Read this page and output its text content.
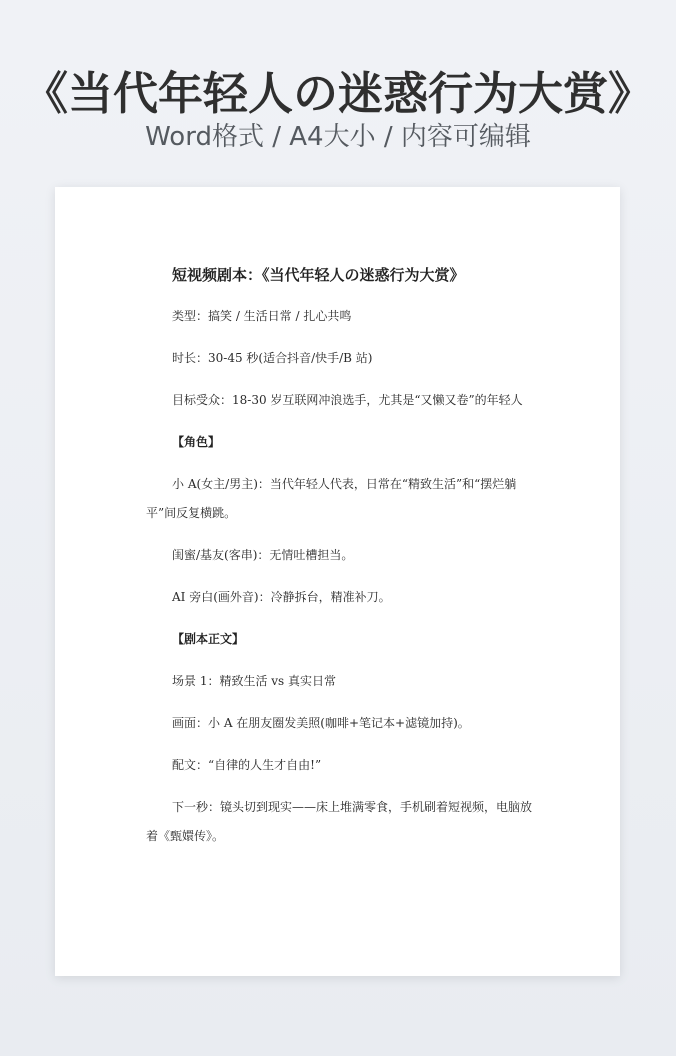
《当代年轻人の迷惑行为大赏》
Word格式 / A4大小 / 内容可编辑
短视频剧本：《当代年轻人の迷惑行为大赏》

类型：搞笑 / 生活日常 / 扎心共鸣

时长：30-45 秒(适合抖音/快手/B 站)

目标受众：18-30 岁互联网冲浪选手，尤其是“又懒又卷”的年轻人

【角色】

小 A(女主/男主)：当代年轻人代表，日常在“精致生活”和“摆烂躺平”间反复横跳。

闺蜜/基友(客串)：无情吐槽担当。

AI 旁白(画外音)：冷静拆台，精准补刀。

【剧本正文】

场景 1：精致生活 vs 真实日常

画面：小 A 在朋友圈发美照(咖啡+笔记本+滤镜加持)。

配文：“自律的人生才自由!”

下一秒：镜头切到现实——床上堆满零食，手机刷着短视频，电脑放着《甄嬛传》。
